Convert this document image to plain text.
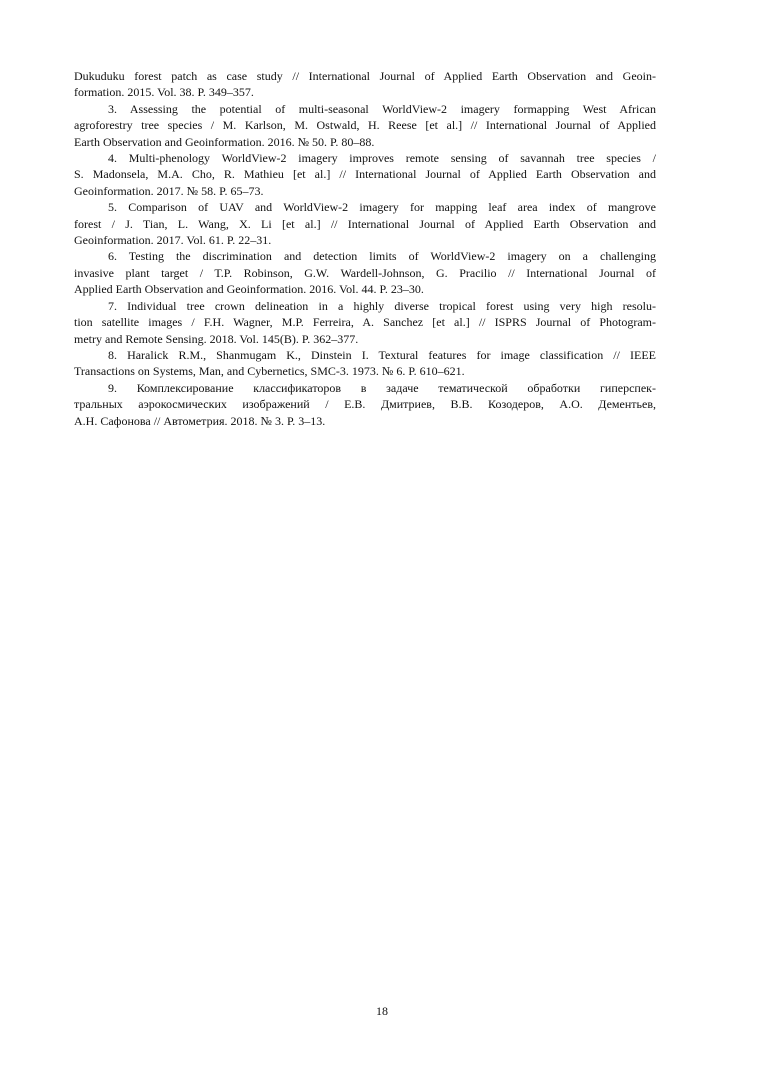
Dukuduku forest patch as case study // International Journal of Applied Earth Observation and Geoin-
formation. 2015. Vol. 38. P. 349–357.
3. Assessing the potential of multi-seasonal WorldView-2 imagery formapping West African
agroforestry tree species / M. Karlson, M. Ostwald, H. Reese [et al.] // International Journal of Applied
Earth Observation and Geoinformation. 2016. № 50. P. 80–88.
4. Multi-phenology WorldView-2 imagery improves remote sensing of savannah tree species /
S. Madonsela, M.A. Cho, R. Mathieu [et al.] // International Journal of Applied Earth Observation and
Geoinformation. 2017. № 58. P. 65–73.
5. Comparison of UAV and WorldView-2 imagery for mapping leaf area index of mangrove
forest / J. Tian, L. Wang, X. Li [et al.] // International Journal of Applied Earth Observation and
Geoinformation. 2017. Vol. 61. P. 22–31.
6. Testing the discrimination and detection limits of WorldView-2 imagery on a challenging
invasive plant target / T.P. Robinson, G.W. Wardell-Johnson, G. Pracilio // International Journal of
Applied Earth Observation and Geoinformation. 2016. Vol. 44. P. 23–30.
7. Individual tree crown delineation in a highly diverse tropical forest using very high resolu-
tion satellite images / F.H. Wagner, M.P. Ferreira, A. Sanchez [et al.] // ISPRS Journal of Photogram-
metry and Remote Sensing. 2018. Vol. 145(B). P. 362–377.
8. Haralick R.M., Shanmugam K., Dinstein I. Textural features for image classification // IEEE
Transactions on Systems, Man, and Cybernetics, SMC-3. 1973. № 6. P. 610–621.
9. Комплексирование классификаторов в задаче тематической обработки гиперспек-
тральных аэрокосмических изображений / Е.В. Дмитриев, В.В. Козодеров, А.О. Дементьев,
А.Н. Сафонова // Автометрия. 2018. № 3. P. 3–13.
18
